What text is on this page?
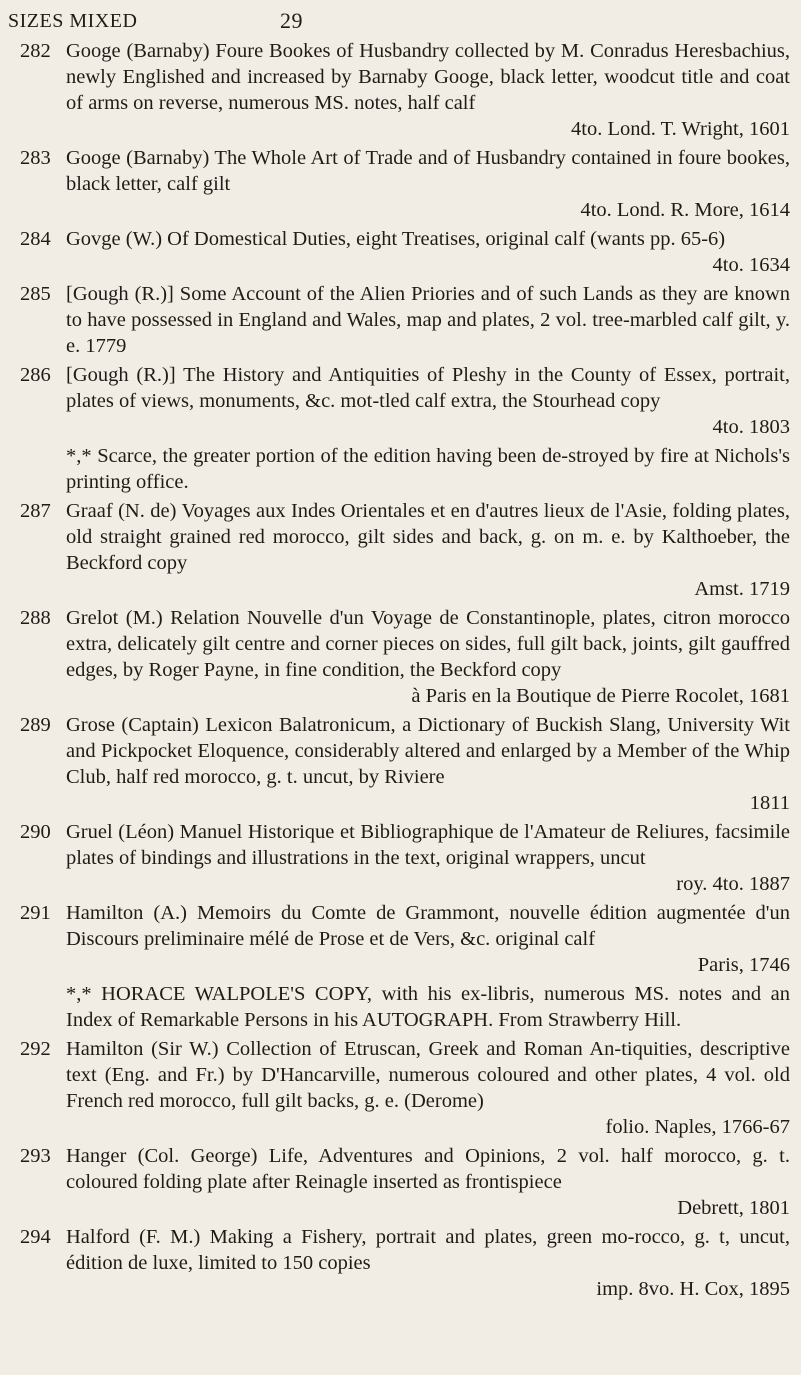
SIZES MIXED	29
282 Googe (Barnaby) Foure Bookes of Husbandry collected by M. Conradus Heresbachius, newly Englished and increased by Barnaby Googe, black letter, woodcut title and coat of arms on reverse, numerous MS. notes, half calf
4to. Lond. T. Wright, 1601
283 Googe (Barnaby) The Whole Art of Trade and of Husbandry contained in foure bookes, black letter, calf gilt
4to. Lond. R. More, 1614
284 Govge (W.) Of Domestical Duties, eight Treatises, original calf (wants pp. 65-6)
4to. 1634
285 [Gough (R.)] Some Account of the Alien Priories and of such Lands as they are known to have possessed in England and Wales, map and plates, 2 vol. tree-marbled calf gilt, y. e. 1779
286 [Gough (R.)] The History and Antiquities of Pleshy in the County of Essex, portrait, plates of views, monuments, &c. mot-tled calf extra, the Stourhead copy
4to. 1803
*,* Scarce, the greater portion of the edition having been de-stroyed by fire at Nichols's printing office.
287 Graaf (N. de) Voyages aux Indes Orientales et en d'autres lieux de l'Asie, folding plates, old straight grained red morocco, gilt sides and back, g. on m. e. by Kalthoeber, the Beckford copy
Amst. 1719
288 Grelot (M.) Relation Nouvelle d'un Voyage de Constantinople, plates, citron morocco extra, delicately gilt centre and corner pieces on sides, full gilt back, joints, gilt gauffred edges, by Roger Payne, in fine condition, the Beckford copy
à Paris en la Boutique de Pierre Rocolet, 1681
289 Grose (Captain) Lexicon Balatronicum, a Dictionary of Buckish Slang, University Wit and Pickpocket Eloquence, considerably altered and enlarged by a Member of the Whip Club, half red morocco, g. t. uncut, by Riviere
1811
290 Gruel (Léon) Manuel Historique et Bibliographique de l'Amateur de Reliures, facsimile plates of bindings and illustrations in the text, original wrappers, uncut
roy. 4to. 1887
291 Hamilton (A.) Memoirs du Comte de Grammont, nouvelle édition augmentée d'un Discours preliminaire mélé de Prose et de Vers, &c. original calf
Paris, 1746
*,* HORACE WALPOLE'S COPY, with his ex-libris, numerous MS. notes and an Index of Remarkable Persons in his AUTOGRAPH. From Strawberry Hill.
292 Hamilton (Sir W.) Collection of Etruscan, Greek and Roman An-tiquities, descriptive text (Eng. and Fr.) by D'Hancarville, numerous coloured and other plates, 4 vol. old French red morocco, full gilt backs, g. e. (Derome)
folio. Naples, 1766-67
293 Hanger (Col. George) Life, Adventures and Opinions, 2 vol. half morocco, g. t. coloured folding plate after Reinagle inserted as frontispiece
Debrett, 1801
294 Halford (F. M.) Making a Fishery, portrait and plates, green mo-rocco, g. t, uncut, édition de luxe, limited to 150 copies
imp. 8vo. H. Cox, 1895
